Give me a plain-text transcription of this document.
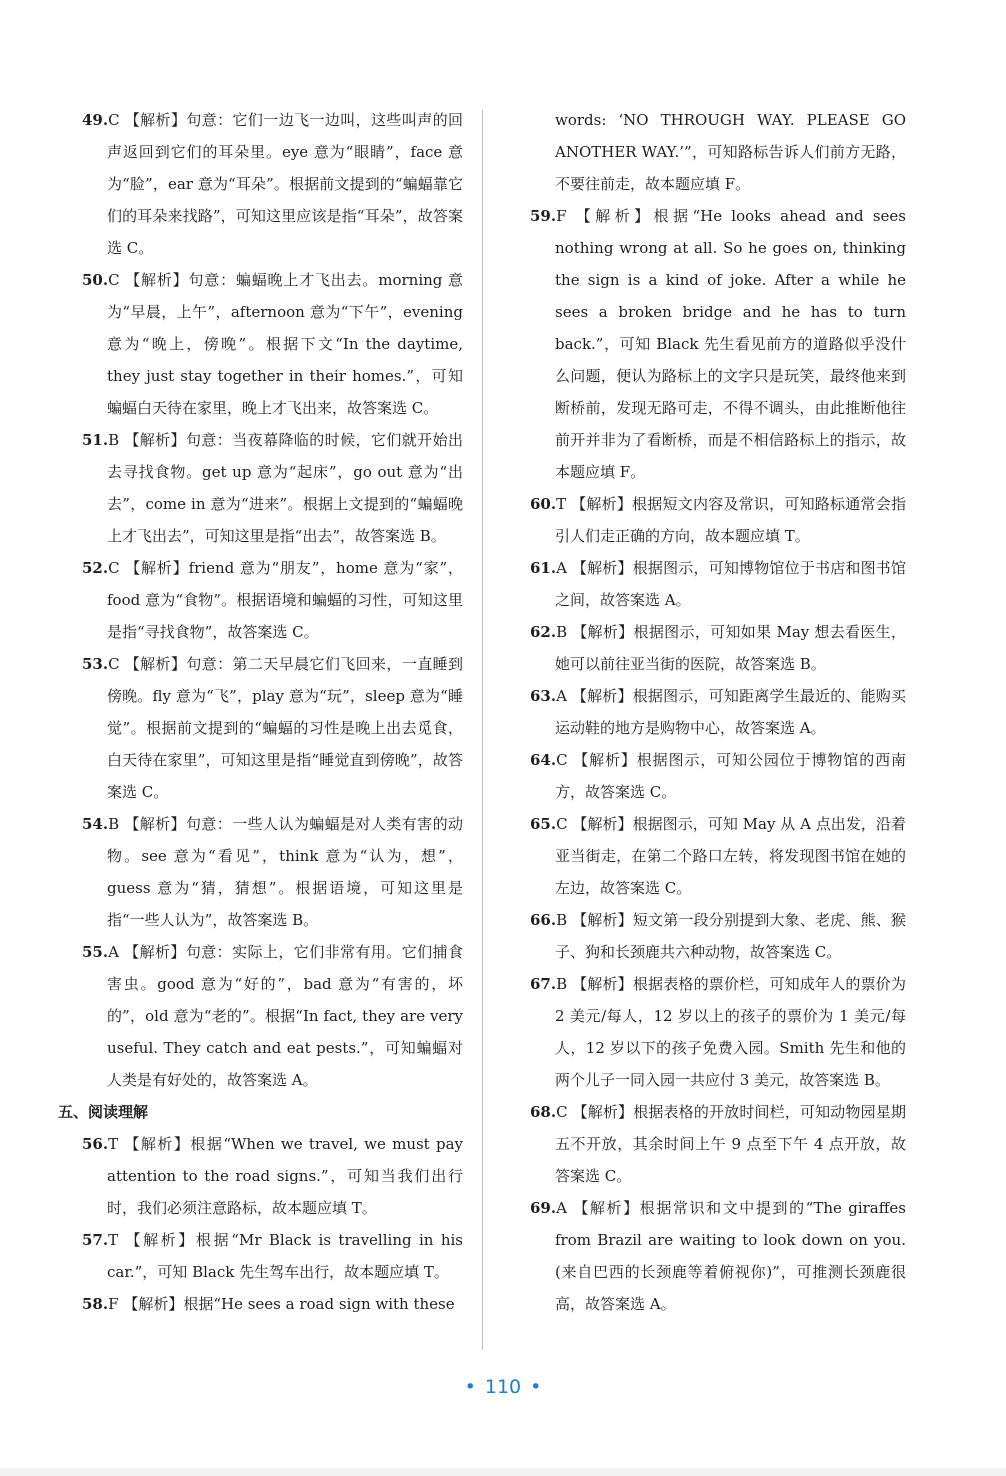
49.C 【解析】句意：它们一边飞一边叫，这些叫声的回声返回到它们的耳朵里。eye 意为“眼睛”，face 意为“脸”，ear 意为“耳朵”。根据前文提到的“蝙蝠靠它们的耳朵来找路”，可知这里应该是指“耳朵”，故答案选 C。
50.C 【解析】句意：蝙蝠晚上才飞出去。morning 意为“早晨，上午”，afternoon 意为“下午”，evening 意为“晚上，傍晚”。根据下文“In the daytime, they just stay together in their homes.”，可知蝙蝠白天待在家里，晚上才飞出来，故答案选 C。
51.B 【解析】句意：当夜幕降临的时候，它们就开始出去寻找食物。get up 意为“起床”，go out 意为“出去”，come in 意为“进来”。根据上文提到的“蝙蝠晚上才飞出去”，可知这里是指“出去”，故答案选 B。
52.C 【解析】friend 意为“朋友”，home 意为“家”，food 意为“食物”。根据语境和蝙蝠的习性，可知这里是指“寻找食物”，故答案选 C。
53.C 【解析】句意：第二天早晨它们飞回来，一直睡到傍晚。fly 意为“飞”，play 意为“玩”，sleep 意为“睡觉”。根据前文提到的“蝙蝠的习性是晚上出去觅食，白天待在家里”，可知这里是指“睡觉直到傍晚”，故答案选 C。
54.B 【解析】句意：一些人认为蝙蝠是对人类有害的动物。see 意为“看见”，think 意为“认为，想”，guess 意为“猜，猜想”。根据语境，可知这里是指“一些人认为”，故答案选 B。
55.A 【解析】句意：实际上，它们非常有用。它们捕食害虫。good 意为“好的”，bad 意为“有害的，坏的”，old 意为“老的”。根据“In fact, they are very useful. They catch and eat pests.”，可知蝙蝠对人类是有好处的，故答案选 A。
五、阅读理解
56.T 【解析】根据“When we travel, we must pay attention to the road signs.”，可知当我们出行时，我们必须注意路标，故本题应填 T。
57.T 【解析】根据“Mr Black is travelling in his car.”，可知 Black 先生驾车出行，故本题应填 T。
58.F 【解析】根据“He sees a road sign with these
words: ‘NO THROUGH WAY. PLEASE GO ANOTHER WAY.’”，可知路标告诉人们前方无路，不要往前走，故本题应填 F。
59.F 【解析】根据“He looks ahead and sees nothing wrong at all. So he goes on, thinking the sign is a kind of joke. After a while he sees a broken bridge and he has to turn back.”，可知 Black 先生看见前方的道路似乎没什么问题，便认为路标上的文字只是玩笑，最终他来到断桥前，发现无路可走，不得不调头，由此推断他往前开并非为了看断桥，而是不相信路标上的指示，故本题应填 F。
60.T 【解析】根据短文内容及常识，可知路标通常会指引人们走正确的方向，故本题应填 T。
61.A 【解析】根据图示，可知博物馆位于书店和图书馆之间，故答案选 A。
62.B 【解析】根据图示，可知如果 May 想去看医生，她可以前往亚当街的医院，故答案选 B。
63.A 【解析】根据图示，可知距离学生最近的、能购买运动鞋的地方是购物中心，故答案选 A。
64.C 【解析】根据图示，可知公园位于博物馆的西南方，故答案选 C。
65.C 【解析】根据图示，可知 May 从 A 点出发，沿着亚当街走，在第二个路口左转，将发现图书馆在她的左边，故答案选 C。
66.B 【解析】短文第一段分别提到大象、老虎、熊、猴子、狗和长颈鹿共六种动物，故答案选 C。
67.B 【解析】根据表格的票价栏，可知成年人的票价为 2 美元/每人，12 岁以上的孩子的票价为 1 美元/每人，12 岁以下的孩子免费入园。Smith 先生和他的两个儿子一同入园一共应付 3 美元，故答案选 B。
68.C 【解析】根据表格的开放时间栏，可知动物园星期五不开放，其余时间上午 9 点至下午 4 点开放，故答案选 C。
69.A 【解析】根据常识和文中提到的“The giraffes from Brazil are waiting to look down on you.(来自巴西的长颈鹿等着俯视你)”，可推测长颈鹿很高，故答案选 A。
• 110 •
